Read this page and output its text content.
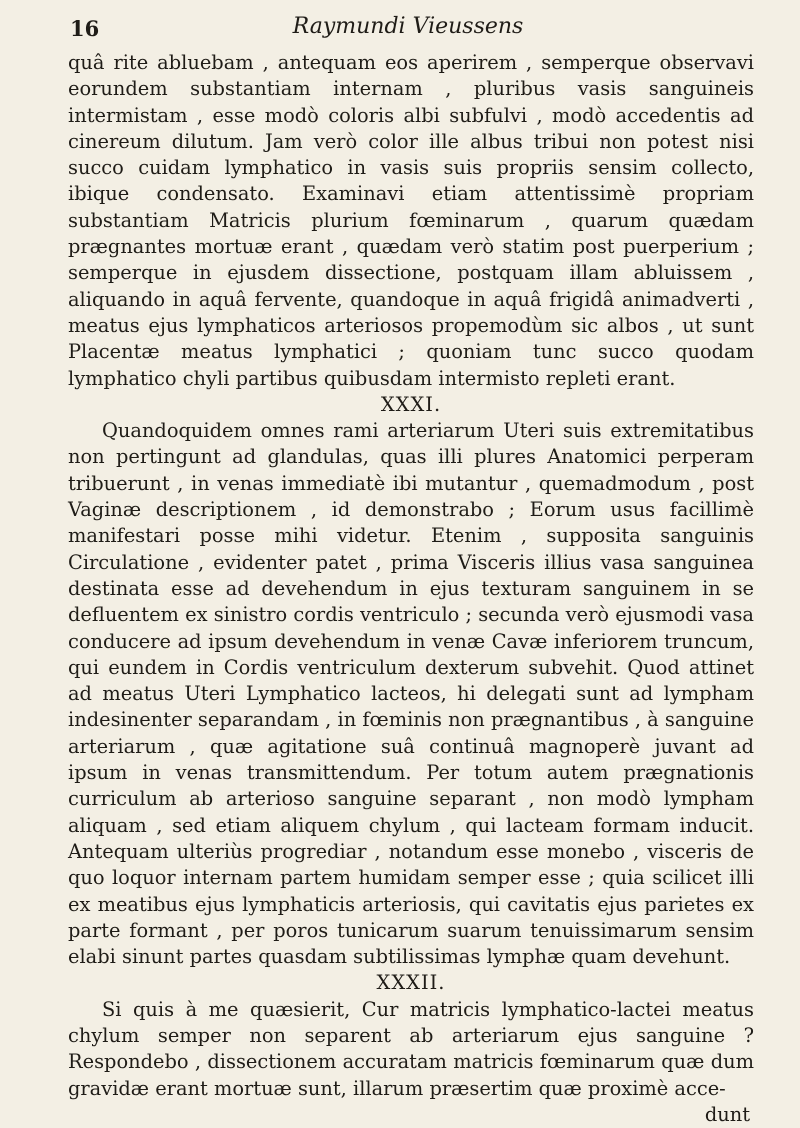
16	Raymundi Vieussens

quâ rite abluebam , antequam eos aperirem , semperque observavi eorundem substantiam internam , pluribus vasis sanguineis intermistam , esse modò coloris albi subfulvi , modò accedentis ad cinereum dilutum. Jam verò color ille albus tribui non potest nisi succo cuidam lymphatico in vasis suis propriis sensim collecto, ibique condensato. Examinavi etiam attentissimè propriam substantiam Matricis plurium fœminarum , quarum quædam prægnantes mortuæ erant , quædam verò statim post puerperium ; semperque in ejusdem dissectione, postquam illam abluissem , aliquando in aquâ fervente, quandoque in aquâ frigidâ animadverti , meatus ejus lymphaticos arteriosos propemodùm sic albos , ut sunt Placentæ meatus lymphatici ; quoniam tunc succo quodam lymphatico chyli partibus quibusdam intermisto repleti erant.

XXXI.

Quandoquidem omnes rami arteriarum Uteri suis extremitatibus non pertingunt ad glandulas, quas illi plures Anatomici perperam tribuerunt , in venas immediatè ibi mutantur , quemadmodum , post Vaginæ descriptionem , id demonstrabo ; Eorum usus facillimè manifestari posse mihi videtur. Etenim , supposita sanguinis Circulatione , evidenter patet , prima Visceris illius vasa sanguinea destinata esse ad devehendum in ejus texturam sanguinem in se defluentem ex sinistro cordis ventriculo ; secunda verò ejusmodi vasa conducere ad ipsum devehendum in venæ Cavæ inferiorem truncum, qui eundem in Cordis ventriculum dexterum subvehit. Quod attinet ad meatus Uteri Lymphatico lacteos, hi delegati sunt ad lympham indesinenter separandam , in fœminis non prægnantibus , à sanguine arteriarum , quæ agitatione suâ continuâ magnoperè juvant ad ipsum in venas transmittendum. Per totum autem prægnationis curriculum ab arterioso sanguine separant , non modò lympham aliquam , sed etiam aliquem chylum , qui lacteam formam inducit. Antequam ulteriùs progrediar , notandum esse monebo , visceris de quo loquor internam partem humidam semper esse ; quia scilicet illi ex meatibus ejus lymphaticis arteriosis, qui cavitatis ejus parietes ex parte formant , per poros tunicarum suarum tenuissimarum sensim elabi sinunt partes quasdam subtilissimas lymphæ quam devehunt.

XXXII.

Si quis à me quæsierit, Cur matricis lymphatico-lactei meatus chylum semper non separent ab arteriarum ejus sanguine ? Respondebo , dissectionem accuratam matricis fœminarum quæ dum gravidæ erant mortuæ sunt, illarum præsertim quæ proximè acce-

dunt
